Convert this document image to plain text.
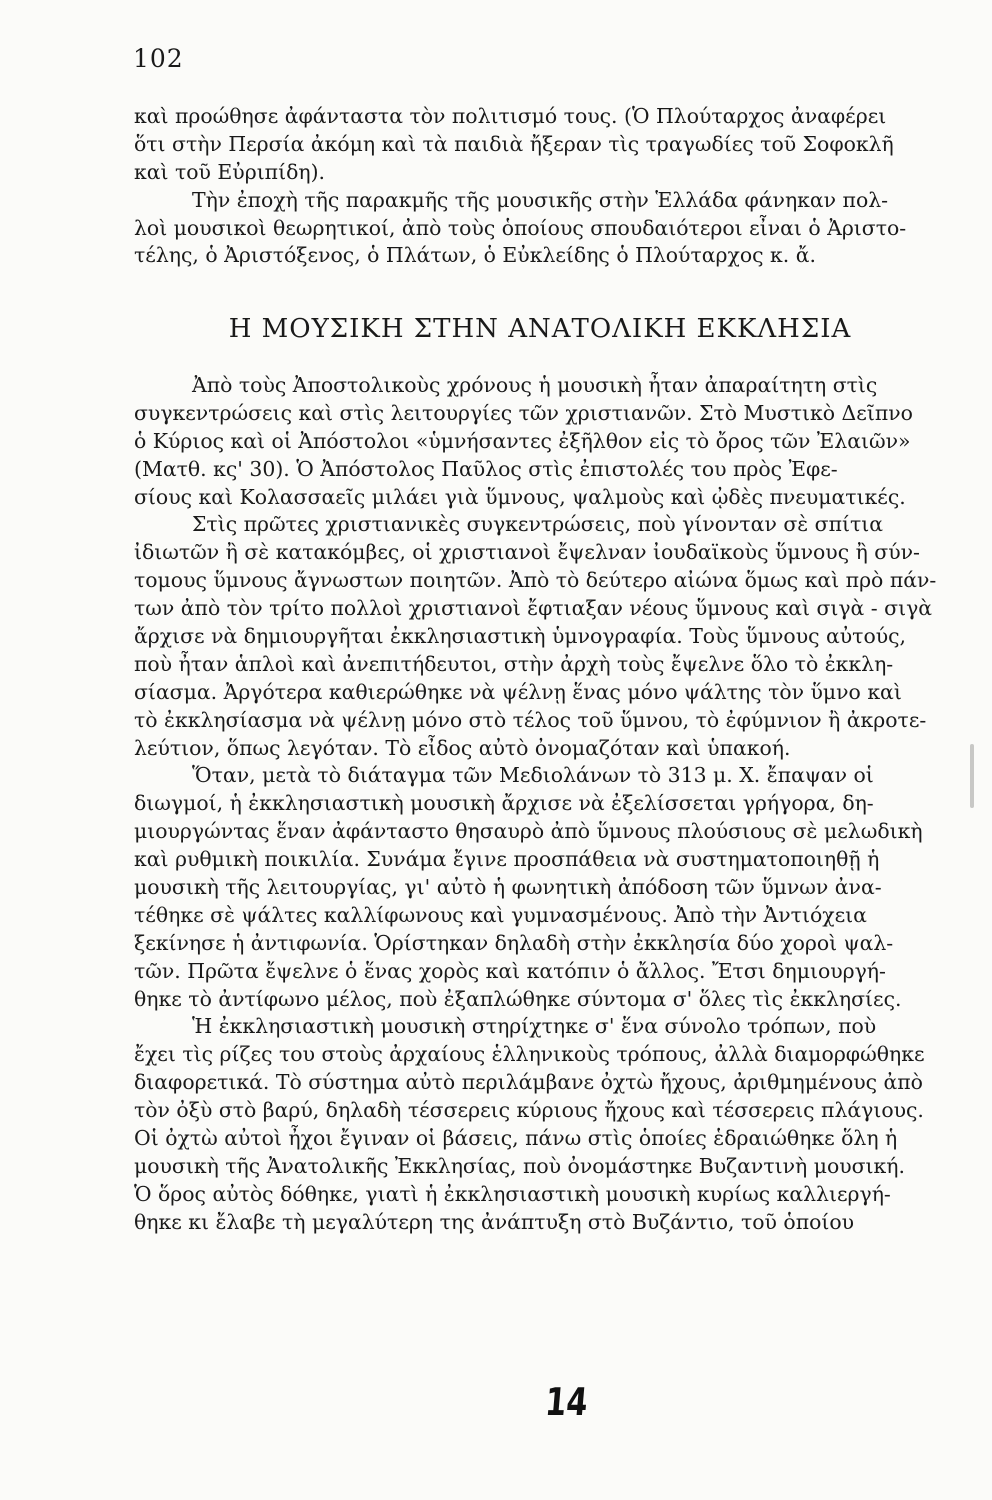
102
καὶ προώθησε ἀφάνταστα τὸν πολιτισμό τους. (Ὁ Πλούταρχος ἀναφέρει
ὅτι στὴν Περσία ἀκόμη καὶ τὰ παιδιὰ ἤξεραν τὶς τραγωδίες τοῦ Σοφοκλῆ
καὶ τοῦ Εὐριπίδη).
Τὴν ἐποχὴ τῆς παρακμῆς τῆς μουσικῆς στὴν Ἑλλάδα φάνηκαν πολ-
λοὶ μουσικοὶ θεωρητικοί, ἀπὸ τοὺς ὁποίους σπουδαιότεροι εἶναι ὁ Ἀριστο-
τέλης, ὁ Ἀριστόξενος, ὁ Πλάτων, ὁ Εὐκλείδης ὁ Πλούταρχος κ. ἄ.
Η ΜΟΥΣΙΚΗ ΣΤΗΝ ΑΝΑΤΟΛΙΚΗ ΕΚΚΛΗΣΙΑ
Ἀπὸ τοὺς Ἀποστολικοὺς χρόνους ἡ μουσικὴ ἦταν ἀπαραίτητη στὶς
συγκεντρώσεις καὶ στὶς λειτουργίες τῶν χριστιανῶν. Στὸ Μυστικὸ Δεῖπνο
ὁ Κύριος καὶ οἱ Ἀπόστολοι «ὑμνήσαντες ἐξῆλθον εἰς τὸ ὄρος τῶν Ἐλαιῶν»
(Ματθ. κς' 30). Ὁ Ἀπόστολος Παῦλος στὶς ἐπιστολές του πρὸς Ἐφε-
σίους καὶ Κολασσαεῖς μιλάει γιὰ ὕμνους, ψαλμοὺς καὶ ᾠδὲς πνευματικές.
Στὶς πρῶτες χριστιανικὲς συγκεντρώσεις, ποὺ γίνονταν σὲ σπίτια
ἰδιωτῶν ἢ σὲ κατακόμβες, οἱ χριστιανοὶ ἔψελναν ἰουδαϊκοὺς ὕμνους ἢ σύν-
τομους ὕμνους ἄγνωστων ποιητῶν. Ἀπὸ τὸ δεύτερο αἰώνα ὅμως καὶ πρὸ πάν-
των ἀπὸ τὸν τρίτο πολλοὶ χριστιανοὶ ἔφτιαξαν νέους ὕμνους καὶ σιγὰ - σιγὰ
ἄρχισε νὰ δημιουργῆται ἐκκλησιαστικὴ ὑμνογραφία. Τοὺς ὕμνους αὐτούς,
ποὺ ἦταν ἁπλοὶ καὶ ἀνεπιτήδευτοι, στὴν ἀρχὴ τοὺς ἔψελνε ὅλο τὸ ἐκκλη-
σίασμα. Ἀργότερα καθιερώθηκε νὰ ψέλνῃ ἕνας μόνο ψάλτης τὸν ὕμνο καὶ
τὸ ἐκκλησίασμα νὰ ψέλνῃ μόνο στὸ τέλος τοῦ ὕμνου, τὸ ἐφύμνιον ἢ ἀκροτε-
λεύτιον, ὅπως λεγόταν. Τὸ εἶδος αὐτὸ ὀνομαζόταν καὶ ὑπακοή.
Ὅταν, μετὰ τὸ διάταγμα τῶν Μεδιολάνων τὸ 313 μ. Χ. ἔπαψαν οἱ
διωγμοί, ἡ ἐκκλησιαστικὴ μουσικὴ ἄρχισε νὰ ἐξελίσσεται γρήγορα, δη-
μιουργώντας ἕναν ἀφάνταστο θησαυρὸ ἀπὸ ὕμνους πλούσιους σὲ μελωδικὴ
καὶ ρυθμικὴ ποικιλία. Συνάμα ἔγινε προσπάθεια νὰ συστηματοποιηθῇ ἡ
μουσικὴ τῆς λειτουργίας, γι' αὐτὸ ἡ φωνητικὴ ἀπόδοση τῶν ὕμνων ἀνα-
τέθηκε σὲ ψάλτες καλλίφωνους καὶ γυμνασμένους. Ἀπὸ τὴν Ἀντιόχεια
ξεκίνησε ἡ ἀντιφωνία. Ὁρίστηκαν δηλαδὴ στὴν ἐκκλησία δύο χοροὶ ψαλ-
τῶν. Πρῶτα ἔψελνε ὁ ἕνας χορὸς καὶ κατόπιν ὁ ἄλλος. Ἔτσι δημιουργή-
θηκε τὸ ἀντίφωνο μέλος, ποὺ ἐξαπλώθηκε σύντομα σ' ὅλες τὶς ἐκκλησίες.
Ἡ ἐκκλησιαστικὴ μουσικὴ στηρίχτηκε σ' ἕνα σύνολο τρόπων, ποὺ
ἔχει τὶς ρίζες του στοὺς ἀρχαίους ἑλληνικοὺς τρόπους, ἀλλὰ διαμορφώθηκε
διαφορετικά. Τὸ σύστημα αὐτὸ περιλάμβανε ὀχτὼ ἤχους, ἀριθμημένους ἀπὸ
τὸν ὀξὺ στὸ βαρύ, δηλαδὴ τέσσερεις κύριους ἤχους καὶ τέσσερεις πλάγιους.
Οἱ ὀχτὼ αὐτοὶ ἦχοι ἔγιναν οἱ βάσεις, πάνω στὶς ὁποίες ἑδραιώθηκε ὅλη ἡ
μουσικὴ τῆς Ἀνατολικῆς Ἐκκλησίας, ποὺ ὀνομάστηκε Βυζαντινὴ μουσική.
Ὁ ὅρος αὐτὸς δόθηκε, γιατὶ ἡ ἐκκλησιαστικὴ μουσικὴ κυρίως καλλιεργή-
θηκε κι ἔλαβε τὴ μεγαλύτερη της ἀνάπτυξη στὸ Βυζάντιο, τοῦ ὁποίου
14
